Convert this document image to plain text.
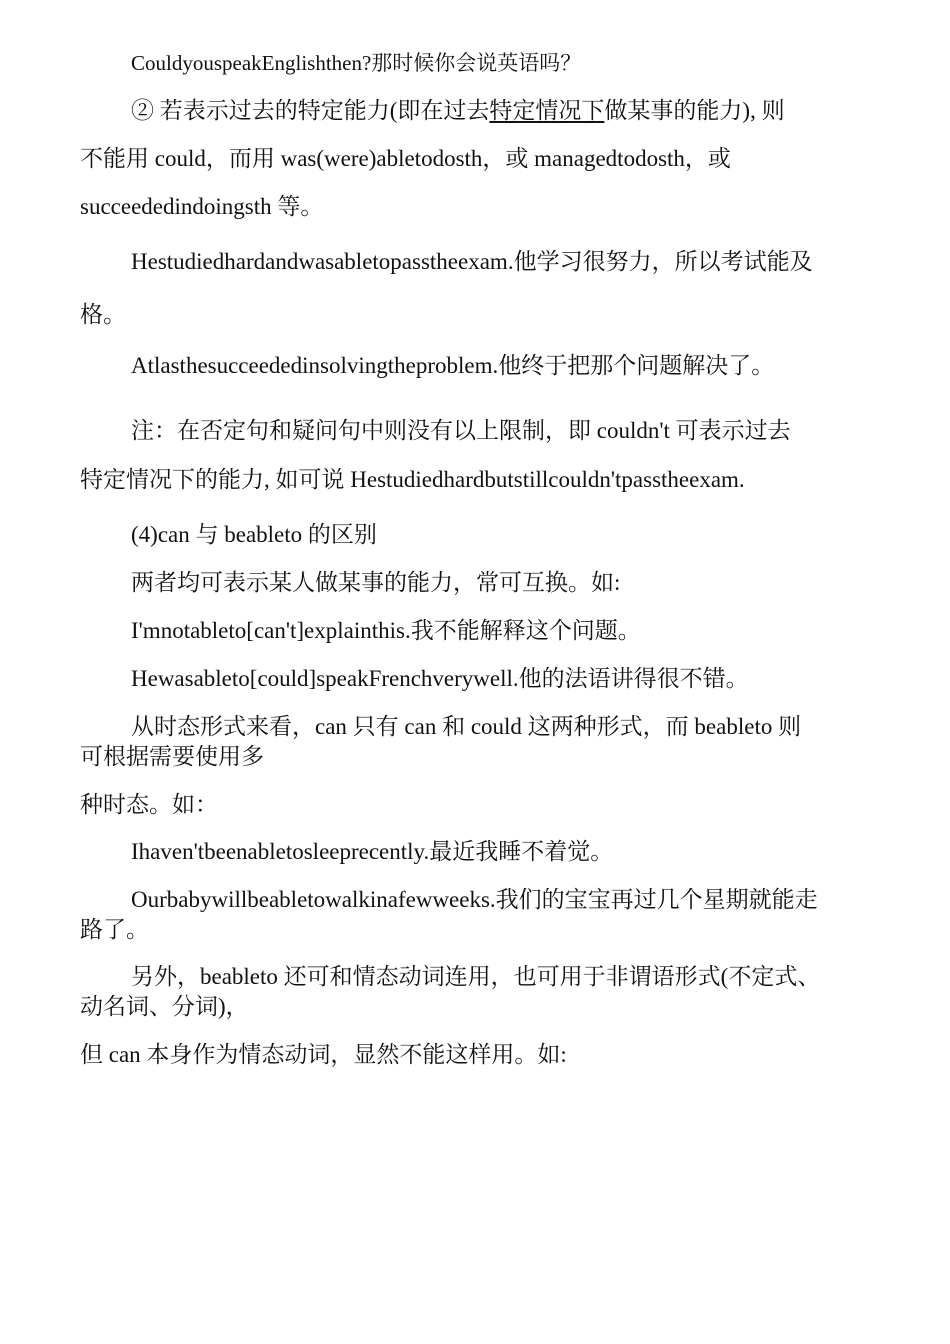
CouldyouspeakEnglishthen?那时候你会说英语吗？
② 若表示过去的特定能力(即在过去特定情况下做某事的能力), 则
不能用 could，而用 was(were)abletodosth，或 managedtodosth，或
succeededindoingsth 等。
Hestudiedhardandwasabletopasstheexam.他学习很努力，所以考试能及
格。
Atlasthesucceededinsolvingtheproblem.他终于把那个问题解决了。
注：在否定句和疑问句中则没有以上限制，即 couldn't 可表示过去
特定情况下的能力, 如可说 Hestudiedhardbutstillcouldn'tpasstheexam.
(4)can 与 beableto 的区别
两者均可表示某人做某事的能力，常可互换。如:
I'mnotableto[can't]explainthis.我不能解释这个问题。
Hewasableto[could]speakFrenchverywell.他的法语讲得很不错。
从时态形式来看，can 只有 can 和 could 这两种形式，而 beableto 则
可根据需要使用多
种时态。如：
Ihaven'tbeenabletosleeprecently.最近我睡不着觉。
Ourbabywillbeabletowalkinafewweeks.我们的宝宝再过几个星期就能走
路了。
另外，beableto 还可和情态动词连用，也可用于非谓语形式(不定式、
动名词、分词)，
但 can 本身作为情态动词，显然不能这样用。如:
